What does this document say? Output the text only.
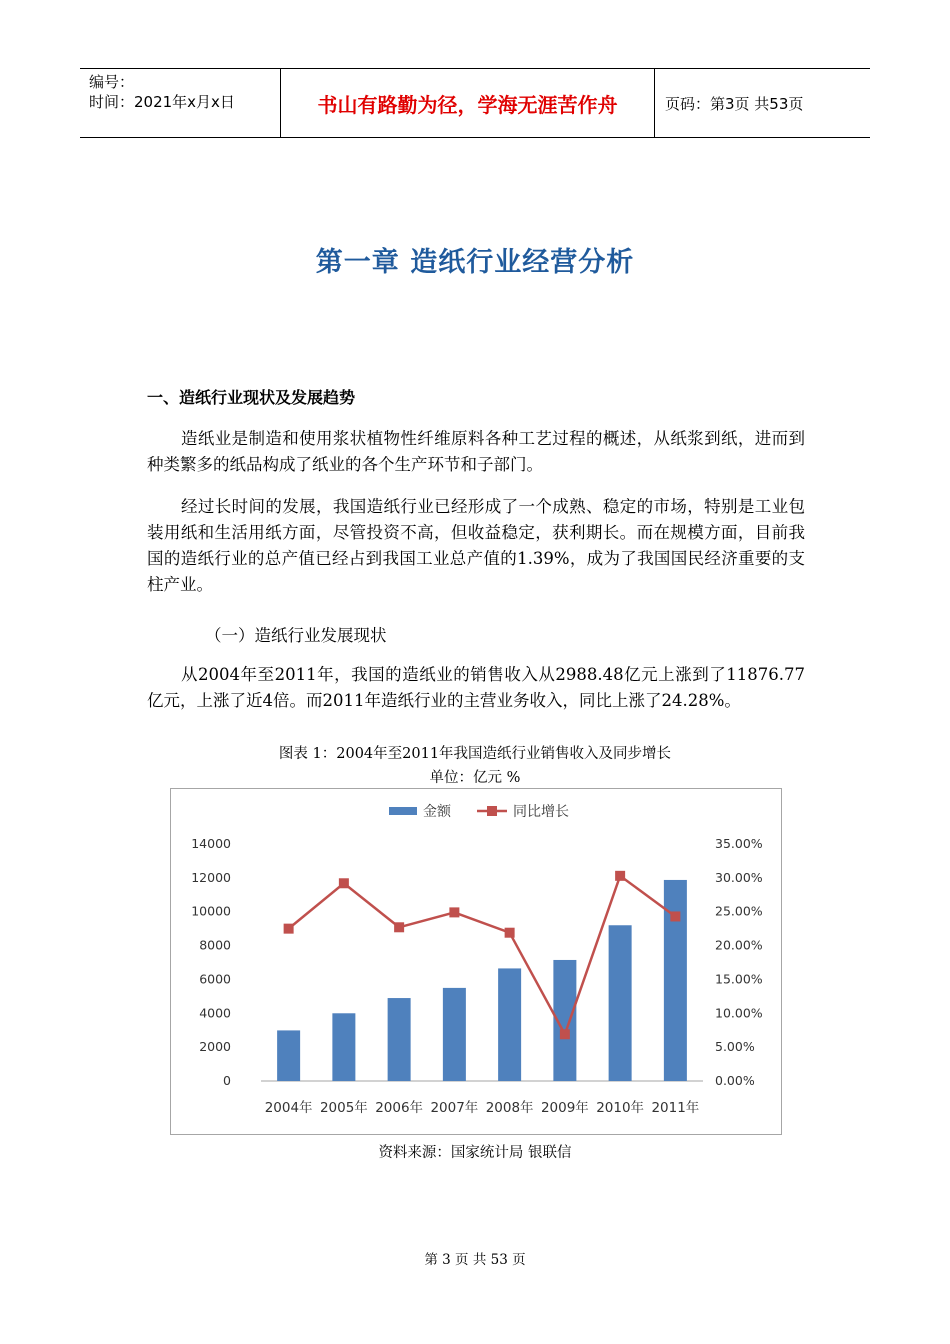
编号：
时间：2021年x月x日	书山有路勤为径，学海无涯苦作舟	页码：第3页 共53页
第一章 造纸行业经营分析
一、造纸行业现状及发展趋势

造纸业是制造和使用浆状植物性纤维原料各种工艺过程的概述，从纸浆到纸，进而到种类繁多的纸品构成了纸业的各个生产环节和子部门。

经过长时间的发展，我国造纸行业已经形成了一个成熟、稳定的市场，特别是工业包装用纸和生活用纸方面，尽管投资不高，但收益稳定，获利期长。而在规模方面，目前我国的造纸行业的总产值已经占到我国工业总产值的1.39%，成为了我国国民经济重要的支柱产业。

（一）造纸行业发展现状

从2004年至2011年，我国的造纸业的销售收入从2988.48亿元上涨到了11876.77亿元，上涨了近4倍。而2011年造纸行业的主营业务收入，同比上涨了24.28%。

图表 1：2004年至2011年我国造纸行业销售收入及同步增长
单位：亿元 %
0
2000
4000
6000
8000
10000
12000
14000
0.00%
5.00%
10.00%
15.00%
20.00%
25.00%
30.00%
35.00%
2004年 2005年 2006年 2007年 2008年 2009年 2010年 2011年
金额	同比增长
资料来源：国家统计局 银联信
第 3 页 共 53 页
